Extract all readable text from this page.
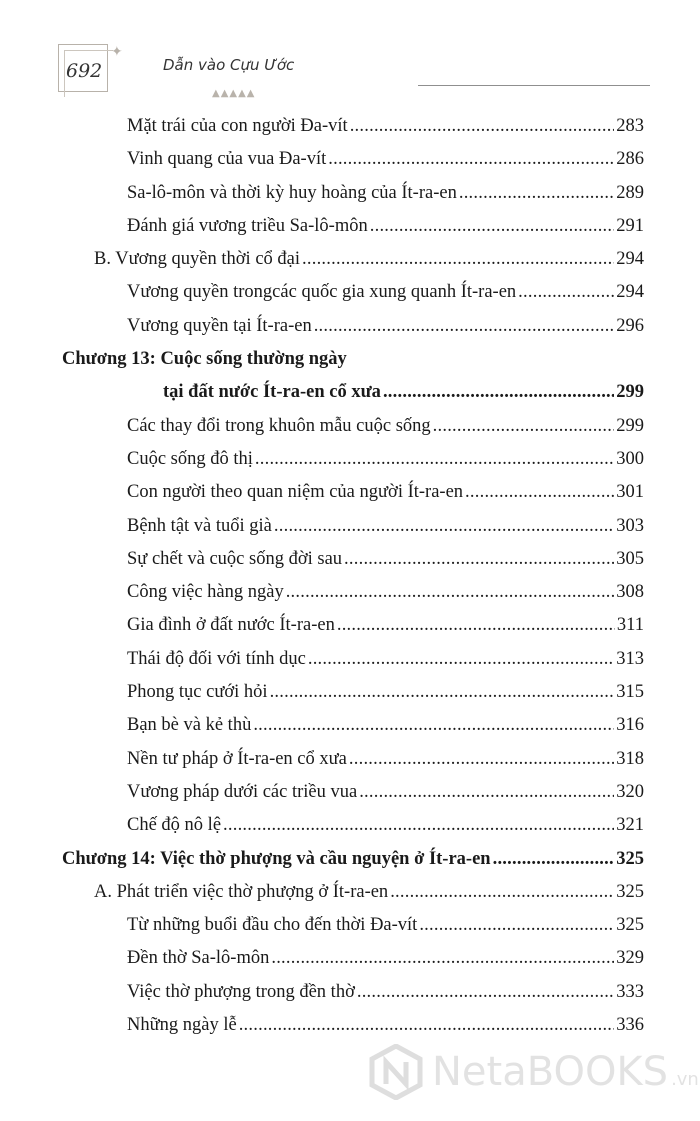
692
✦
Dẫn vào Cựu Ước
▲▲▲▲▲
Mặt trái của con người Đa-vít . . .	283
Vinh quang của vua Đa-vít . . .	286
Sa-lô-môn và thời kỳ huy hoàng của Ít-ra-en . . .	289
Đánh giá vương triều Sa-lô-môn . . .	291
B. Vương quyền thời cổ đại . . .	294
Vương quyền trongcác quốc gia xung quanh Ít-ra-en . . .	294
Vương quyền tại Ít-ra-en . . .	296
Chương 13: Cuộc sống thường ngày
tại đất nước Ít-ra-en cổ xưa . . .	299
Các thay đổi trong khuôn mẫu cuộc sống . . .	299
Cuộc sống đô thị . . .	300
Con người theo quan niệm của người Ít-ra-en . . .	301
Bệnh tật và tuổi già . . .	303
Sự chết và cuộc sống đời sau . . .	305
Công việc hàng ngày . . .	308
Gia đình ở đất nước Ít-ra-en . . .	311
Thái độ đối với tính dục . . .	313
Phong tục cưới hỏi . . .	315
Bạn bè và kẻ thù . . .	316
Nền tư pháp ở Ít-ra-en cổ xưa . . .	318
Vương pháp dưới các triều vua . . .	320
Chế độ nô lệ . . .	321
Chương 14: Việc thờ phượng và cầu nguyện ở Ít-ra-en . . .	325
A. Phát triển việc thờ phượng ở Ít-ra-en . . .	325
Từ những buổi đầu cho đến thời Đa-vít . . .	325
Đền thờ Sa-lô-môn . . .	329
Việc thờ phượng trong đền thờ . . .	333
Những ngày lễ . . .	336
NetaBOOKS .vn
